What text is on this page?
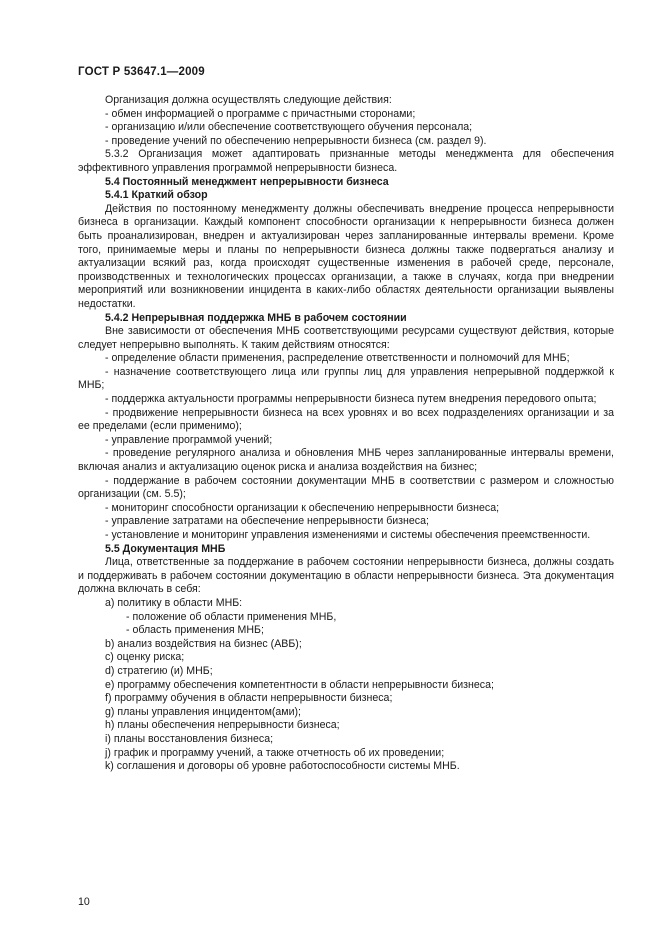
ГОСТ Р 53647.1—2009

Организация должна осуществлять следующие действия:

- обмен информацией о программе с причастными сторонами;

- организацию и/или обеспечение соответствующего обучения персонала;

- проведение учений по обеспечению непрерывности бизнеса (см. раздел 9).

5.3.2 Организация может адаптировать признанные методы менеджмента для обеспечения эффективного управления программой непрерывности бизнеса.

5.4 Постоянный менеджмент непрерывности бизнеса

5.4.1 Краткий обзор

Действия по постоянному менеджменту должны обеспечивать внедрение процесса непрерывности бизнеса в организации. Каждый компонент способности организации к непрерывности бизнеса должен быть проанализирован, внедрен и актуализирован через запланированные интервалы времени. Кроме того, принимаемые меры и планы по непрерывности бизнеса должны также подвергаться анализу и актуализации всякий раз, когда происходят существенные изменения в рабочей среде, персонале, производственных и технологических процессах организации, а также в случаях, когда при внедрении мероприятий или возникновении инцидента в каких-либо областях деятельности организации выявлены недостатки.

5.4.2 Непрерывная поддержка МНБ в рабочем состоянии

Вне зависимости от обеспечения МНБ соответствующими ресурсами существуют действия, которые следует непрерывно выполнять. К таким действиям относятся:

- определение области применения, распределение ответственности и полномочий для МНБ;

- назначение соответствующего лица или группы лиц для управления непрерывной поддержкой к МНБ;

- поддержка актуальности программы непрерывности бизнеса путем внедрения передового опыта;

- продвижение непрерывности бизнеса на всех уровнях и во всех подразделениях организации и за ее пределами (если применимо);

- управление программой учений;

- проведение регулярного анализа и обновления МНБ через запланированные интервалы времени, включая анализ и актуализацию оценок риска и анализа воздействия на бизнес;

- поддержание в рабочем состоянии документации МНБ в соответствии с размером и сложностью организации (см. 5.5);

- мониторинг способности организации к обеспечению непрерывности бизнеса;

- управление затратами на обеспечение непрерывности бизнеса;

- установление и мониторинг управления изменениями и системы обеспечения преемственности.

5.5 Документация МНБ

Лица, ответственные за поддержание в рабочем состоянии непрерывности бизнеса, должны создать и поддерживать в рабочем состоянии документацию в области непрерывности бизнеса. Эта документация должна включать в себя:

а) политику в области МНБ:

- положение об области применения МНБ,

- область применения МНБ;

b) анализ воздействия на бизнес (АВБ);

c) оценку риска;

d) стратегию (и) МНБ;

e) программу обеспечения компетентности в области непрерывности бизнеса;

f) программу обучения в области непрерывности бизнеса;

g) планы управления инцидентом(ами);

h) планы обеспечения непрерывности бизнеса;

i) планы восстановления бизнеса;

j) график и программу учений, а также отчетность об их проведении;

k) соглашения и договоры об уровне работоспособности системы МНБ.

10
